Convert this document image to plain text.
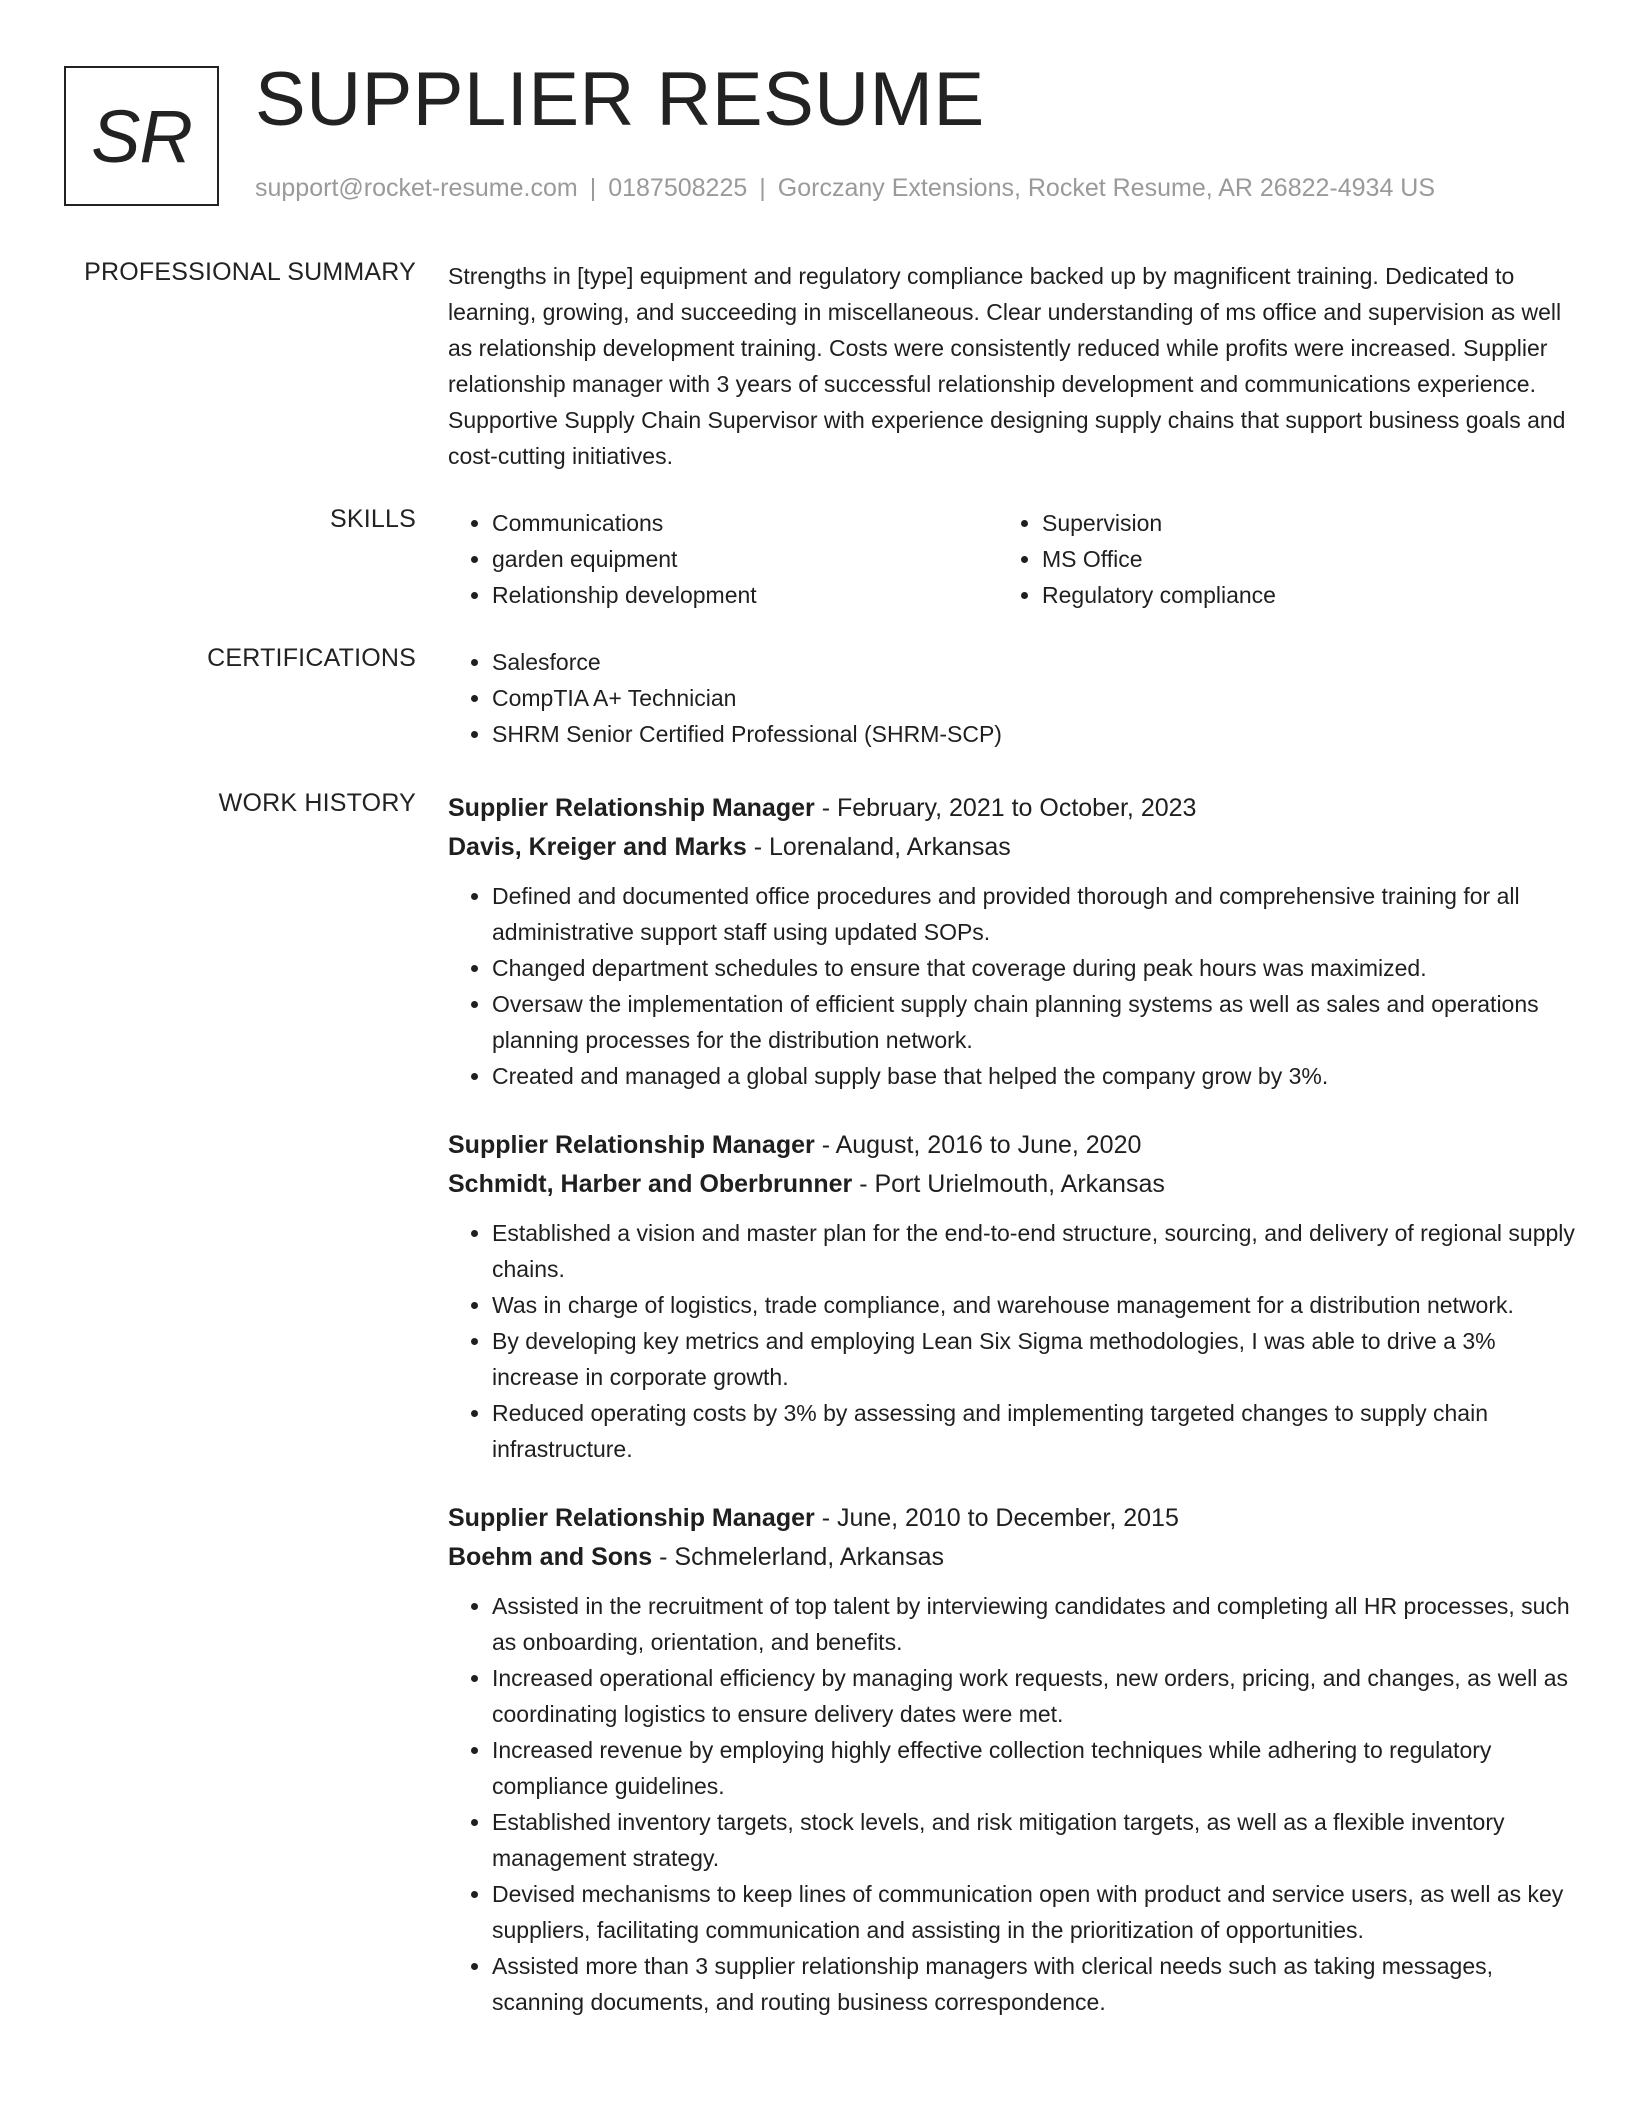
SR SUPPLIER RESUME
support@rocket-resume.com | 0187508225 | Gorczany Extensions, Rocket Resume, AR 26822-4934 US
PROFESSIONAL SUMMARY Strengths in [type] equipment and regulatory compliance backed up by magnificent training. Dedicated to learning, growing, and succeeding in miscellaneous. Clear understanding of ms office and supervision as well as relationship development training. Costs were consistently reduced while profits were increased. Supplier relationship manager with 3 years of successful relationship development and communications experience. Supportive Supply Chain Supervisor with experience designing supply chains that support business goals and cost-cutting initiatives.

SKILLS	• Communications
• garden equipment
• Relationship development
• Supervision
• MS Office
• Regulatory compliance
CERTIFICATIONS	• Salesforce
• CompTIA A+ Technician
• SHRM Senior Certified Professional (SHRM-SCP)
WORK HISTORY Supplier Relationship Manager - February, 2021 to October, 2023
Davis, Kreiger and Marks - Lorenaland, Arkansas
• Defined and documented office procedures and provided thorough and comprehensive training for all administrative support staff using updated SOPs.
• Changed department schedules to ensure that coverage during peak hours was maximized.
• Oversaw the implementation of efficient supply chain planning systems as well as sales and operations planning processes for the distribution network.
• Created and managed a global supply base that helped the company grow by 3%.
Supplier Relationship Manager - August, 2016 to June, 2020
Schmidt, Harber and Oberbrunner - Port Urielmouth, Arkansas
• Established a vision and master plan for the end-to-end structure, sourcing, and delivery of regional supply chains.
• Was in charge of logistics, trade compliance, and warehouse management for a distribution network.
• By developing key metrics and employing Lean Six Sigma methodologies, I was able to drive a 3% increase in corporate growth.
• Reduced operating costs by 3% by assessing and implementing targeted changes to supply chain infrastructure.
Supplier Relationship Manager - June, 2010 to December, 2015
Boehm and Sons - Schmelerland, Arkansas
• Assisted in the recruitment of top talent by interviewing candidates and completing all HR processes, such as onboarding, orientation, and benefits.
• Increased operational efficiency by managing work requests, new orders, pricing, and changes, as well as coordinating logistics to ensure delivery dates were met.
• Increased revenue by employing highly effective collection techniques while adhering to regulatory compliance guidelines.
• Established inventory targets, stock levels, and risk mitigation targets, as well as a flexible inventory management strategy.
• Devised mechanisms to keep lines of communication open with product and service users, as well as key suppliers, facilitating communication and assisting in the prioritization of opportunities.
• Assisted more than 3 supplier relationship managers with clerical needs such as taking messages, scanning documents, and routing business correspondence.
